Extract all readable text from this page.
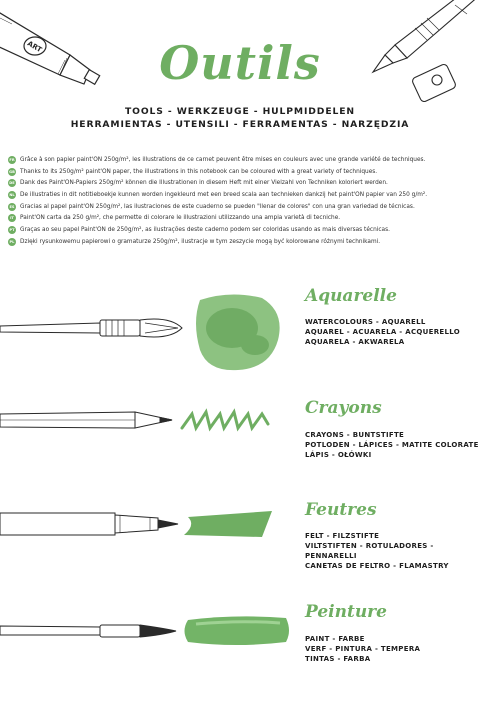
ART	Outils
TOOLS - WERKZEUGE - HULPMIDDELEN
HERRAMIENTAS - UTENSILI - FERRAMENTAS - NARZĘDZIA
FR Grâce à son papier paint'ON 250g/m², les illustrations de ce carnet peuvent être mises en couleurs avec une grande variété de techniques.
GB Thanks to its 250g/m² paint'ON paper, the illustrations in this notebook can be coloured with a great variety of techniques.
DE Dank des Paint'ON-Papiers 250g/m² können die Illustrationen in diesem Heft mit einer Vielzahl von Techniken koloriert werden.
NL De illustraties in dit notitieboekje kunnen worden ingekleurd met een breed scala aan technieken dankzij het paint'ON papier van 250 g/m².
ES Gracias al papel paint'ON 250g/m², las ilustraciones de este cuaderno se pueden "llenar de colores" con una gran variedad de técnicas.
IT	Paint'ON carta da 250 g/m², che permette di colorare le illustrazioni utilizzando una ampia varietà di tecniche.
PT Graças ao seu papel Paint'ON de 250g/m², as ilustrações deste caderno podem ser coloridas usando as mais diversas técnicas.
PL Dzięki rysunkowemu papierowi o gramaturze 250g/m², ilustracje w tym zeszycie mogą być kolorowane różnymi technikami.
Aquarelle
WATERCOLOURS - AQUARELL
AQUAREL - ACUARELA - ACQUERELLO
AQUARELA - AKWARELA
Crayons
CRAYONS - BUNTSTIFTE
POTLODEN - LÁPICES - MATITE COLORATE
LÁPIS - OŁÓWKI
Feutres
FELT - FILZSTIFTE
VILTSTIFTEN - ROTULADORES - PENNARELLI
CANETAS DE FELTRO - FLAMASTRY
Peinture
PAINT - FARBE
VERF - PINTURA - TEMPERA
TINTAS - FARBA
